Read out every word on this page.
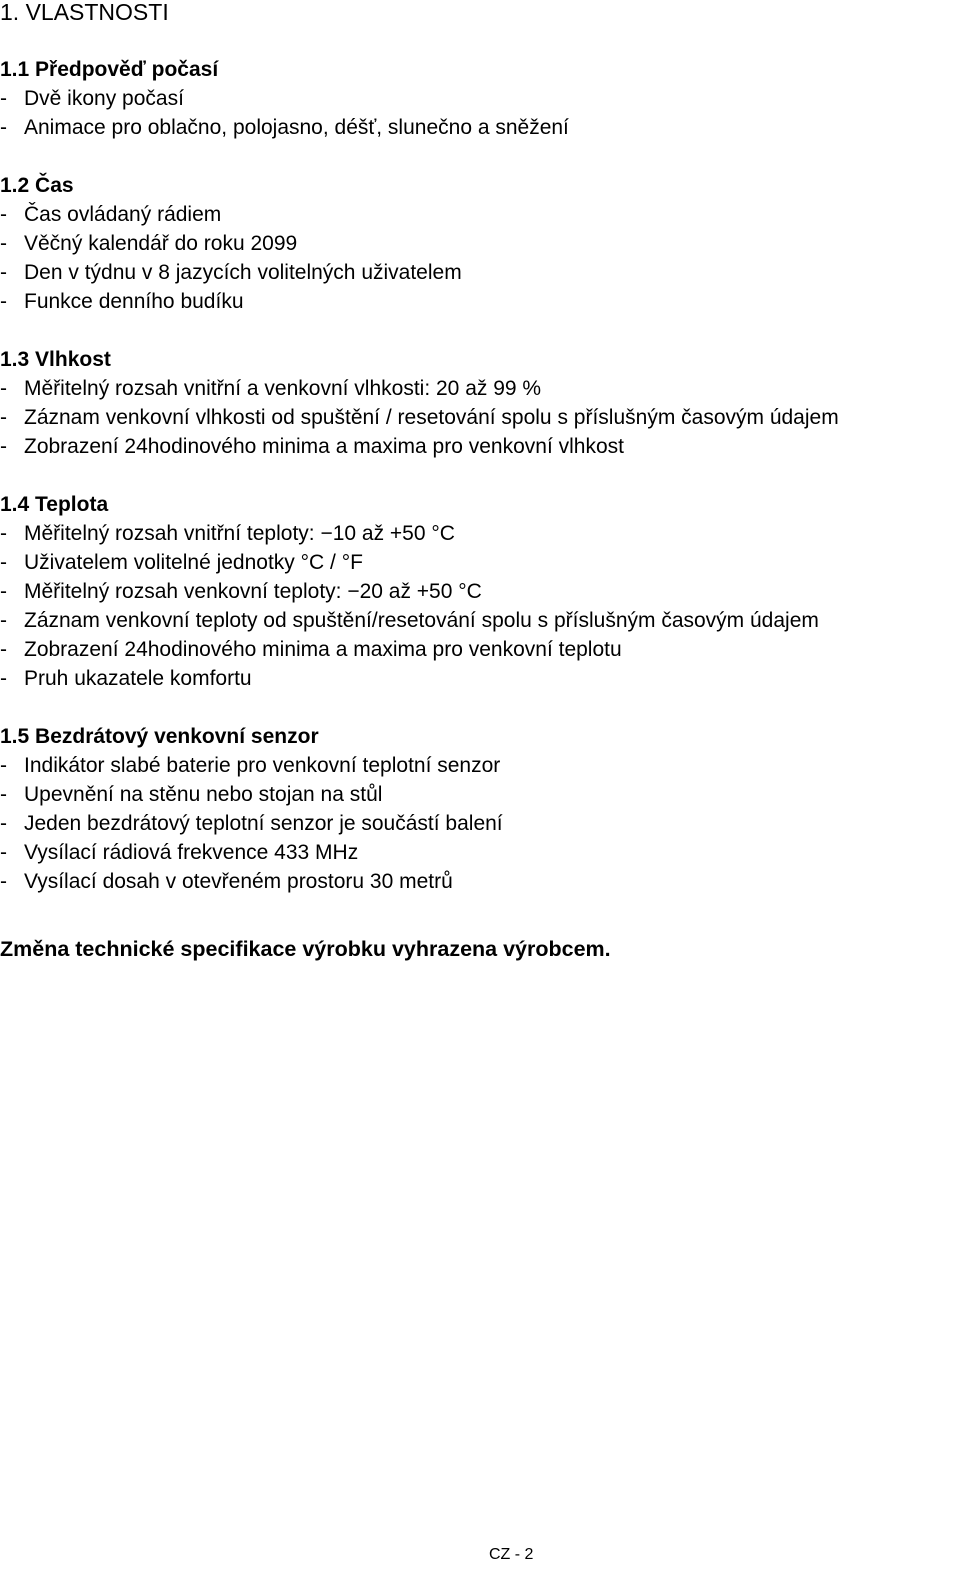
1. VLASTNOSTI
1.1 Předpověď počasí
- Dvě ikony počasí
- Animace pro oblačno, polojasno, déšť, slunečno a sněžení
1.2 Čas
- Čas ovládaný rádiem
- Věčný kalendář do roku 2099
- Den v týdnu v 8 jazycích volitelných uživatelem
- Funkce denního budíku
1.3 Vlhkost
- Měřitelný rozsah vnitřní a venkovní vlhkosti: 20 až 99 %
- Záznam venkovní vlhkosti od spuštění / resetování spolu s příslušným časovým údajem
- Zobrazení 24hodinového minima a maxima pro venkovní vlhkost
1.4 Teplota
- Měřitelný rozsah vnitřní teploty: −10 až +50 °C
- Uživatelem volitelné jednotky °C / °F
- Měřitelný rozsah venkovní teploty: −20 až +50 °C
- Záznam venkovní teploty od spuštění/resetování spolu s příslušným časovým údajem
- Zobrazení 24hodinového minima a maxima pro venkovní teplotu
- Pruh ukazatele komfortu
1.5 Bezdrátový venkovní senzor
- Indikátor slabé baterie pro venkovní teplotní senzor
- Upevnění na stěnu nebo stojan na stůl
- Jeden bezdrátový teplotní senzor je součástí balení
- Vysílací rádiová frekvence 433 MHz
- Vysílací dosah v otevřeném prostoru 30 metrů
Změna technické specifikace výrobku vyhrazena výrobcem.
CZ - 2
